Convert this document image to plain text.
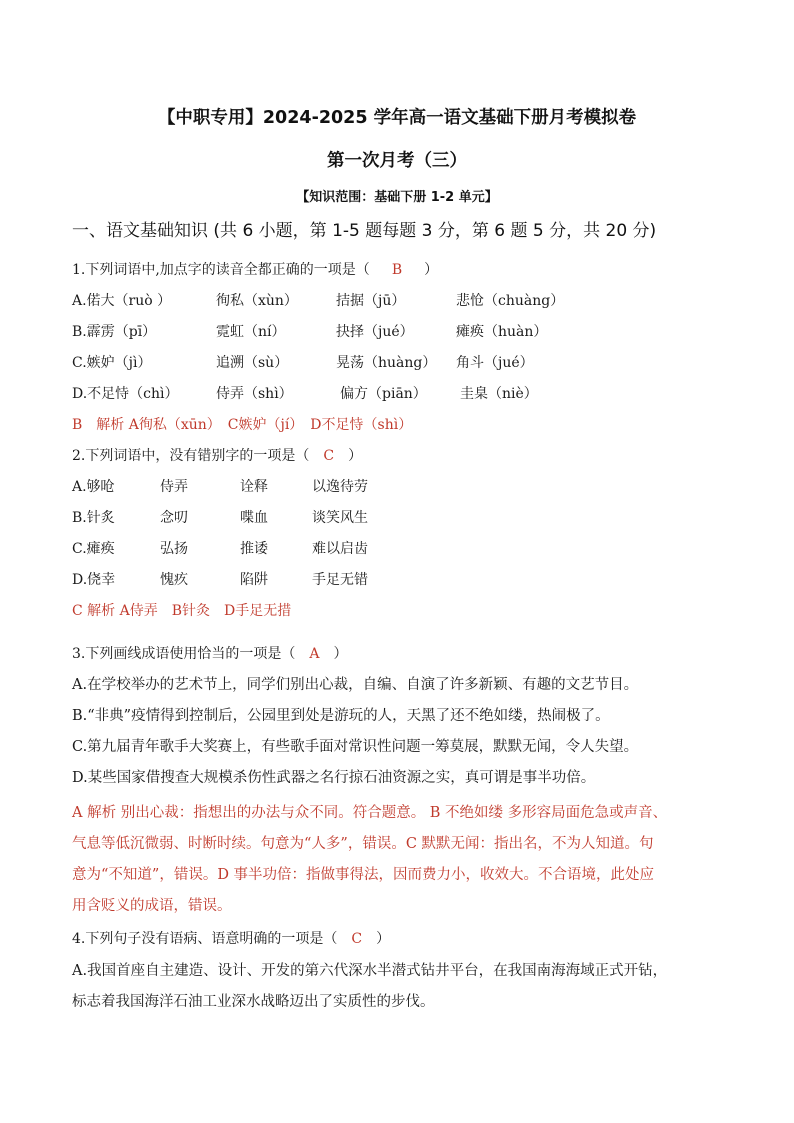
【中职专用】2024-2025 学年高一语文基础下册月考模拟卷
第一次月考（三）
【知识范围：基础下册 1-2 单元】
一、语文基础知识 (共 6 小题，第 1-5 题每题 3 分，第 6 题 5 分，共 20 分)
1.下列词语中,加点字的读音全都正确的一项是（ B ）
A.偌大（ruò ）	徇私（xùn）	拮据（jū）	悲怆（chuàng）
B.霹雳（pī）	霓虹（ní）	抉择（jué）	瘫痪（huàn）
C.嫉妒（jì）	追溯（sù）	晃荡（huàng） 角斗（jué）
D.不足恃（chì）	侍弄（shì）	偏方（piān） 圭臬（niè）
B　解析 A徇私（xūn）　C嫉妒（jí）　D不足恃（shì）
2.下列词语中，没有错别字的一项是（ C ）
A.够呛	侍弄	诠释	以逸待劳
B.针炙	念叨	喋血	谈笑风生
C.瘫痪	弘扬	推诿	难以启齿
D.侥幸	愧疚	陷阱	手足无错
C 解析 A侍弄　B针灸　D手足无措
3.下列画线成语使用恰当的一项是（ A ）
A.在学校举办的艺术节上，同学们别出心裁，自编、自演了许多新颖、有趣的文艺节目。
B.“非典”疫情得到控制后，公园里到处是游玩的人，天黑了还不绝如缕，热闹极了。
C.第九届青年歌手大奖赛上，有些歌手面对常识性问题一筹莫展，默默无闻，令人失望。
D.某些国家借搜查大规模杀伤性武器之名行掠石油资源之实，真可谓是事半功倍。
A 解析 别出心裁：指想出的办法与众不同。符合题意。 B 不绝如缕 多形容局面危急或声音、
气息等低沉微弱、时断时续。句意为“人多”，错误。C 默默无闻：指出名，不为人知道。句
意为“不知道”，错误。D 事半功倍：指做事得法，因而费力小，收效大。不合语境，此处应
用含贬义的成语，错误。
4.下列句子没有语病、语意明确的一项是（ C ）
A.我国首座自主建造、设计、开发的第六代深水半潜式钻井平台，在我国南海海域正式开钻，
标志着我国海洋石油工业深水战略迈出了实质性的步伐。
